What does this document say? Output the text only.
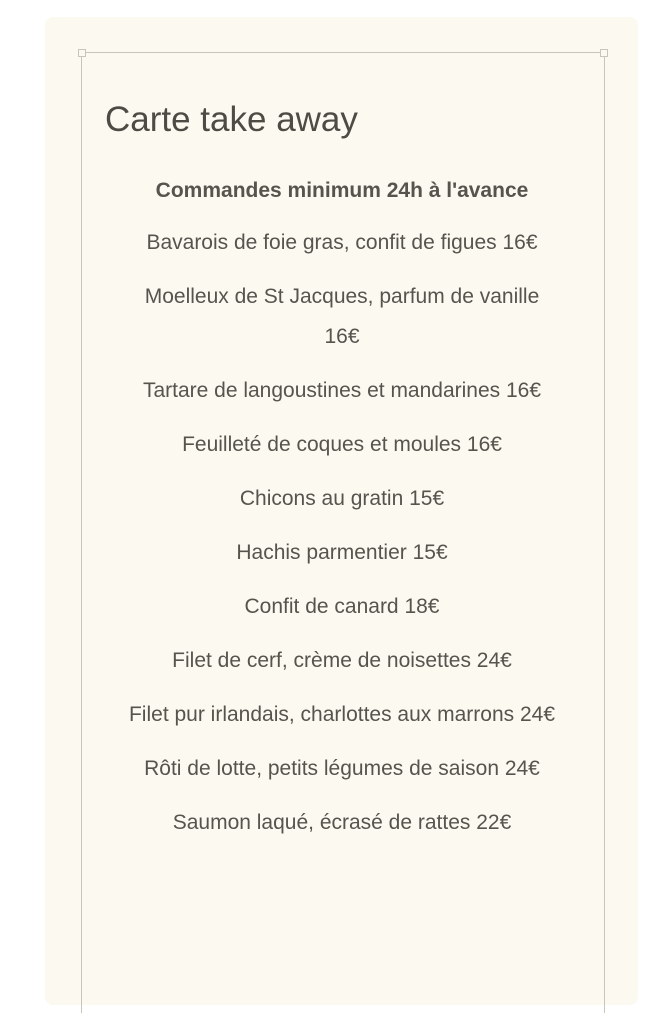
Carte take away

Commandes minimum 24h à l'avance

Bavarois de foie gras, confit de figues 16€

Moelleux de St Jacques, parfum de vanille 16€

Tartare de langoustines et mandarines 16€

Feuilleté de coques et moules 16€

Chicons au gratin 15€

Hachis parmentier 15€

Confit de canard 18€

Filet de cerf, crème de noisettes 24€

Filet pur irlandais, charlottes aux marrons 24€

Rôti de lotte, petits légumes de saison 24€

Saumon laqué, écrasé de rattes 22€
